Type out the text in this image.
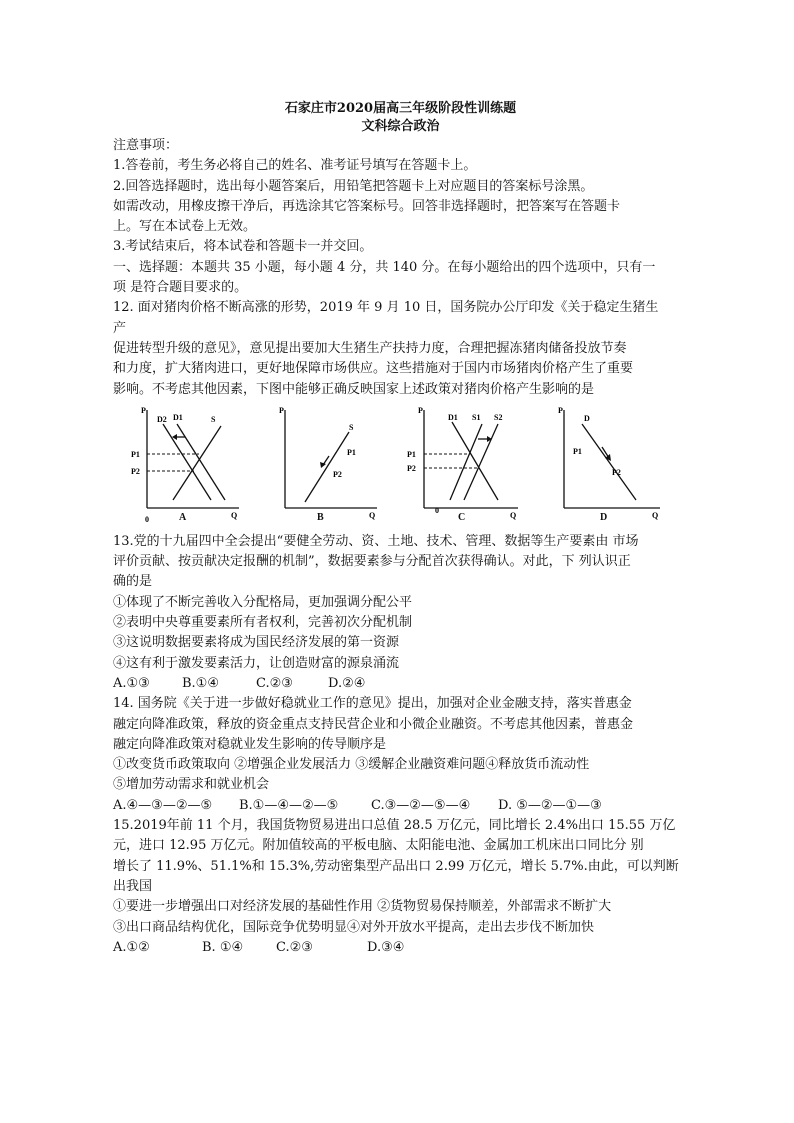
石家庄市2020届高三年级阶段性训练题
文科综合政治
注意事项：
1.答卷前，考生务必将自己的姓名、准考证号填写在答题卡上。
2.回答选择题时，选出每小题答案后，用铅笔把答题卡上对应题目的答案标号涂黑。
如需改动，用橡皮擦干净后，再选涂其它答案标号。回答非选择题时，把答案写在答题卡
上。写在本试卷上无效。
3.考试结束后，将本试卷和答题卡一并交回。
一、选择题：本题共 35 小题，每小题 4 分，共 140 分。在每小题给出的四个选项中，只有一
项 是符合题目要求的。
12. 面对猪肉价格不断高涨的形势，2019 年 9 月 10 日，国务院办公厅印发《关于稳定生猪生
产
促进转型升级的意见》，意见提出要加大生猪生产扶持力度，合理把握冻猪肉储备投放节奏
和力度，扩大猪肉进口，更好地保障市场供应。这些措施对于国内市场猪肉价格产生了重要
影响。不考虑其他因素，下图中能够正确反映国家上述政策对猪肉价格产生影响的是
P
Q
0
D2 D1	S
P1
P2
A
P
Q
S
P1
P2
B
P
Q
0
D1 S1 S2
P1
P2
C
P
Q
D
P1
P2
D
13.党的十九届四中全会提出“要健全劳动、资、土地、技术、管理、数据等生产要素由 市场
评价贡献、按贡献决定报酬的机制”，数据要素参与分配首次获得确认。对此，下 列认识正
确的是
①体现了不断完善收入分配格局，更加强调分配公平
②表明中央尊重要素所有者权利，完善初次分配机制
③这说明数据要素将成为国民经济发展的第一资源
④这有利于激发要素活力，让创造财富的源泉涌流
A.①③ B.①④	C.②③	D.②④
14. 国务院《关于进一步做好稳就业工作的意见》提出，加强对企业金融支持，落实普惠金
融定向降准政策，释放的资金重点支持民营企业和小微企业融资。不考虑其他因素，普惠金
融定向降准政策对稳就业发生影响的传导顺序是
①改变货币政策取向 ②增强企业发展活力 ③缓解企业融资难问题④释放货币流动性
⑤增加劳动需求和就业机会
A.④—③—②—⑤ B.①—④—②—⑤	C.③—②—⑤—④ D. ⑤—②—①—③
15.2019年前 11 个月，我国货物贸易进出口总值 28.5 万亿元，同比增长 2.4%出口 15.55 万亿
元，进口 12.95 万亿元。附加值较高的平板电脑、太阳能电池、金属加工机床出口同比分 别
增长了 11.9%、51.1%和 15.3%,劳动密集型产品出口 2.99 万亿元，增长 5.7%.由此，可以判断
出我国
①要进一步增强出口对经济发展的基础性作用 ②货物贸易保持顺差，外部需求不断扩大
③出口商品结构优化，国际竞争优势明显④对外开放水平提高，走出去步伐不断加快
A.①②	B. ①④	C.②③	D.③④
